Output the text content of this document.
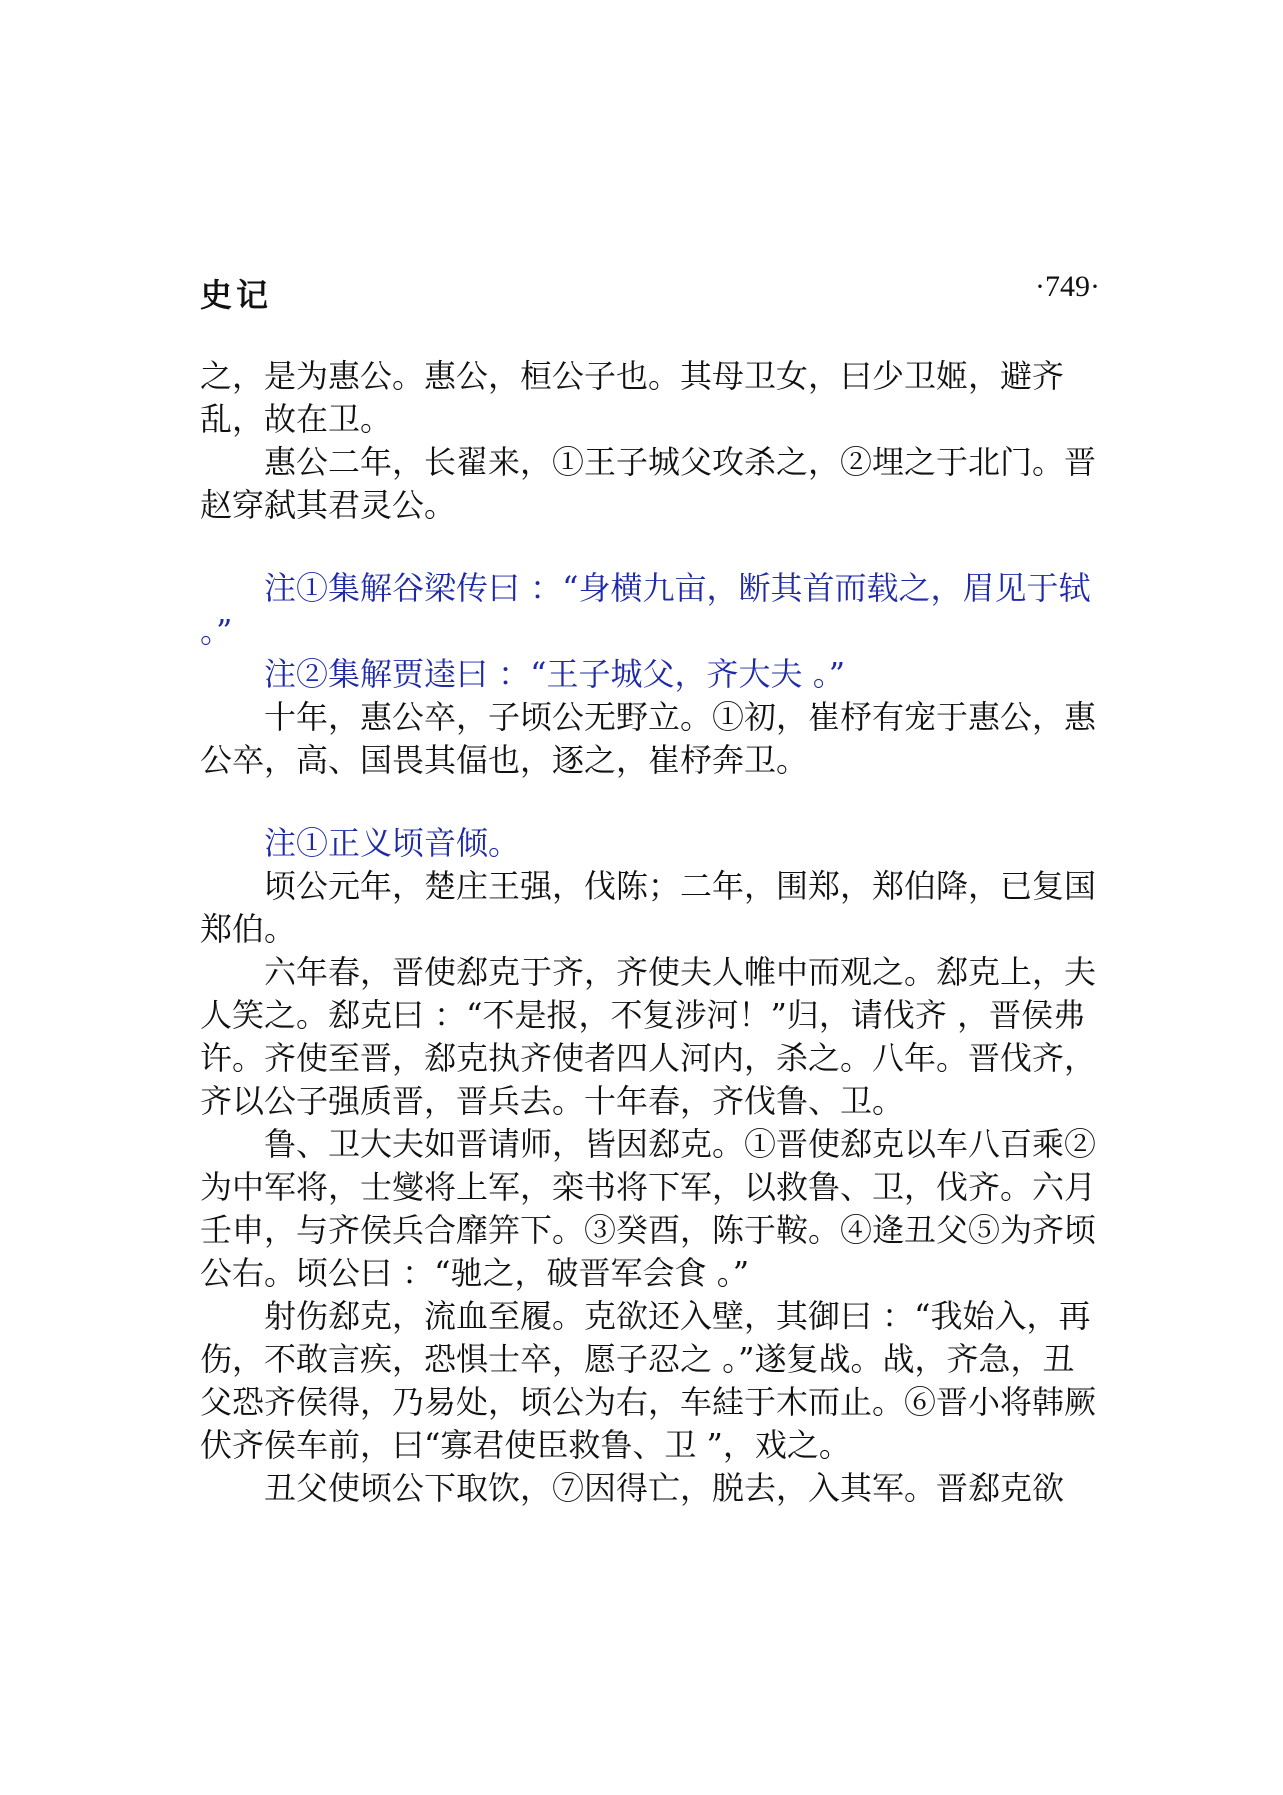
史记	·749·

之，是为惠公。惠公，桓公子也。其母卫女，曰少卫姬，避齐乱，故在卫。

惠公二年，长翟来，①王子城父攻杀之，②埋之于北门。晋赵穿弑其君灵公。

注①集解谷梁传曰 ：“身横九亩，断其首而载之，眉见于轼 。”

注②集解贾逵曰 ：“王子城父，齐大夫 。”

十年，惠公卒，子顷公无野立。①初，崔杼有宠于惠公，惠公卒，高、国畏其偪也，逐之，崔杼奔卫。

注①正义顷音倾。

顷公元年，楚庄王强，伐陈；二年，围郑，郑伯降，已复国郑伯。

六年春，晋使郄克于齐，齐使夫人帷中而观之。郄克上，夫人笑之。郄克曰 ：“不是报，不复涉河！”归，请伐齐 ，晋侯弗许。齐使至晋，郄克执齐使者四人河内，杀之。八年。晋伐齐，齐以公子强质晋，晋兵去。十年春，齐伐鲁、卫。

鲁、卫大夫如晋请师，皆因郄克。①晋使郄克以车八百乘②为中军将，士燮将上军，栾书将下军，以救鲁、卫，伐齐。六月壬申，与齐侯兵合靡笄下。③癸酉，陈于鞍。④逄丑父⑤为齐顷公右。顷公曰 ：“驰之，破晋军会食 。”

射伤郄克，流血至履。克欲还入壁，其御曰 ：“我始入，再伤，不敢言疾，恐惧士卒，愿子忍之 。”遂复战。战，齐急，丑父恐齐侯得，乃易处，顷公为右，车絓于木而止。⑥晋小将韩厥伏齐侯车前，曰“寡君使臣救鲁、卫 ”，戏之。

丑父使顷公下取饮，⑦因得亡，脱去，入其军。晋郄克欲
